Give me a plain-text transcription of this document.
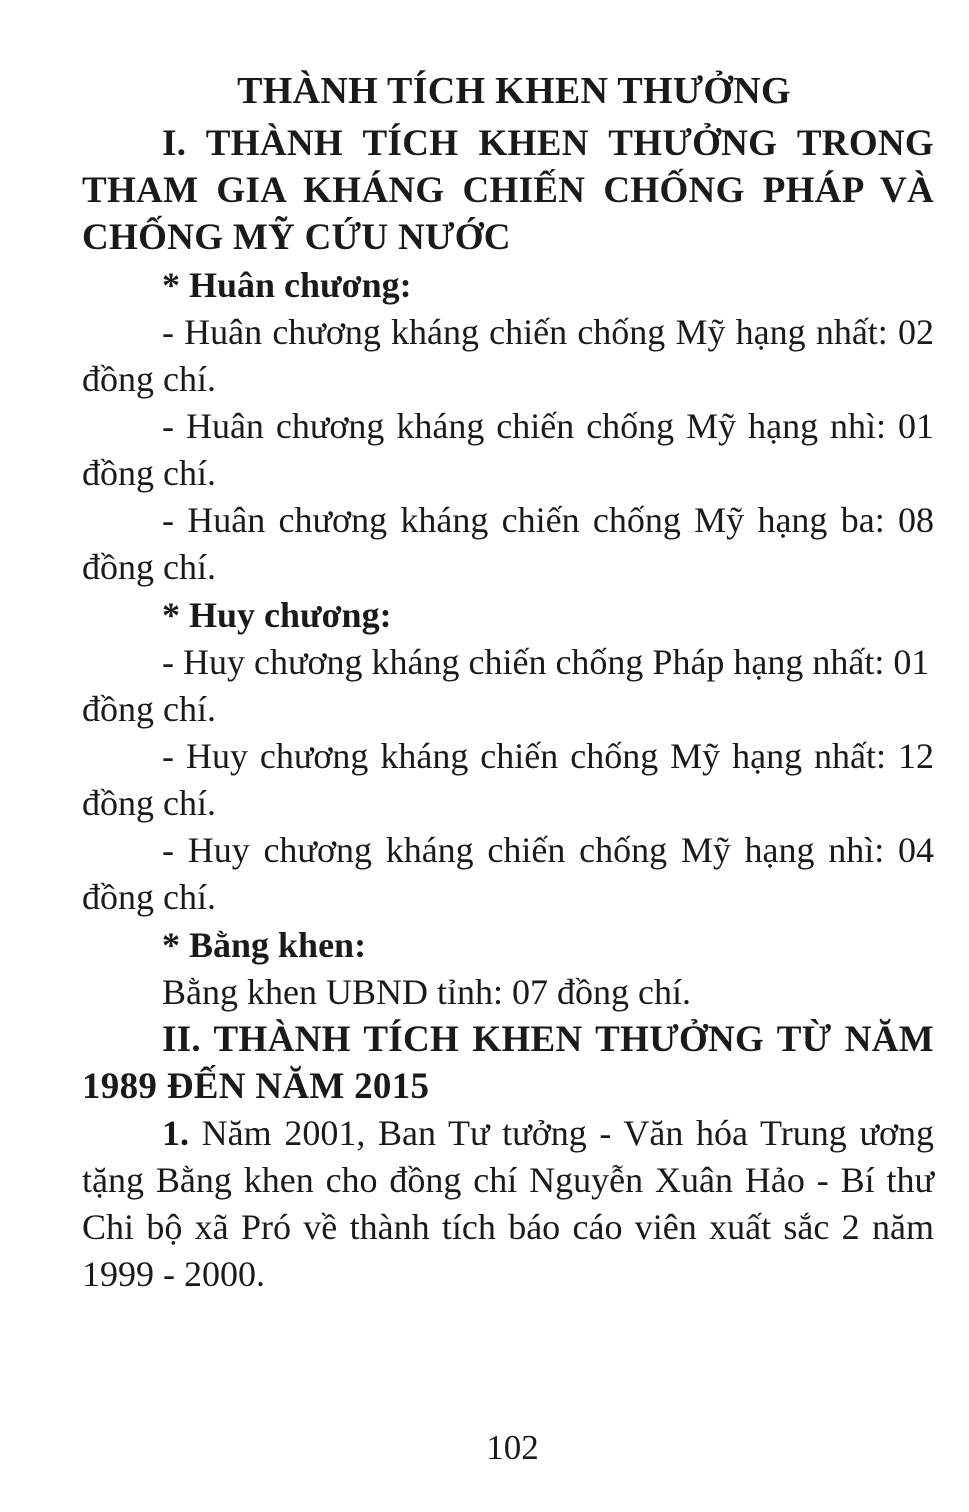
THÀNH TÍCH KHEN THƯỞNG
I. THÀNH TÍCH KHEN THƯỞNG TRONG THAM GIA KHÁNG CHIẾN CHỐNG PHÁP VÀ CHỐNG MỸ CỨU NƯỚC

* Huân chương:

- Huân chương kháng chiến chống Mỹ hạng nhất: 02 đồng chí.

- Huân chương kháng chiến chống Mỹ hạng nhì: 01 đồng chí.

- Huân chương kháng chiến chống Mỹ hạng ba: 08 đồng chí.

* Huy chương:

- Huy chương kháng chiến chống Pháp hạng nhất: 01 đồng chí.

- Huy chương kháng chiến chống Mỹ hạng nhất: 12 đồng chí.

- Huy chương kháng chiến chống Mỹ hạng nhì: 04 đồng chí.

* Bằng khen:

Bằng khen UBND tỉnh: 07 đồng chí.

II. THÀNH TÍCH KHEN THƯỞNG TỪ NĂM 1989 ĐẾN NĂM 2015

1. Năm 2001, Ban Tư tưởng - Văn hóa Trung ương tặng Bằng khen cho đồng chí Nguyễn Xuân Hảo - Bí thư Chi bộ xã Pró về thành tích báo cáo viên xuất sắc 2 năm 1999 - 2000.

102
